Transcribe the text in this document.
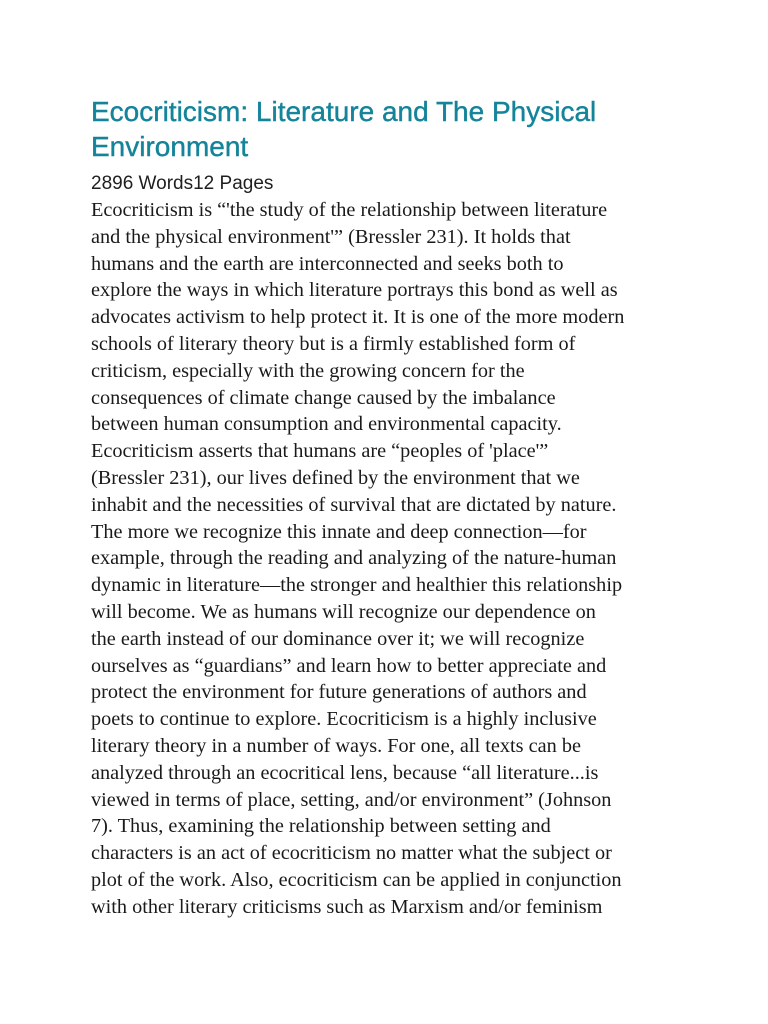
Ecocriticism: Literature and The Physical Environment
2896 Words12 Pages
Ecocriticism is “'the study of the relationship between literature
and the physical environment'” (Bressler 231). It holds that
humans and the earth are interconnected and seeks both to
explore the ways in which literature portrays this bond as well as
advocates activism to help protect it. It is one of the more modern
schools of literary theory but is a firmly established form of
criticism, especially with the growing concern for the
consequences of climate change caused by the imbalance
between human consumption and environmental capacity.
Ecocriticism asserts that humans are “peoples of 'place'”
(Bressler 231), our lives defined by the environment that we
inhabit and the necessities of survival that are dictated by nature.
The more we recognize this innate and deep connection—for
example, through the reading and analyzing of the nature-human
dynamic in literature—the stronger and healthier this relationship
will become. We as humans will recognize our dependence on
the earth instead of our dominance over it; we will recognize
ourselves as “guardians” and learn how to better appreciate and
protect the environment for future generations of authors and
poets to continue to explore. Ecocriticism is a highly inclusive
literary theory in a number of ways. For one, all texts can be
analyzed through an ecocritical lens, because “all literature...is
viewed in terms of place, setting, and/or environment” (Johnson
7). Thus, examining the relationship between setting and
characters is an act of ecocriticism no matter what the subject or
plot of the work. Also, ecocriticism can be applied in conjunction
with other literary criticisms such as Marxism and/or feminism
